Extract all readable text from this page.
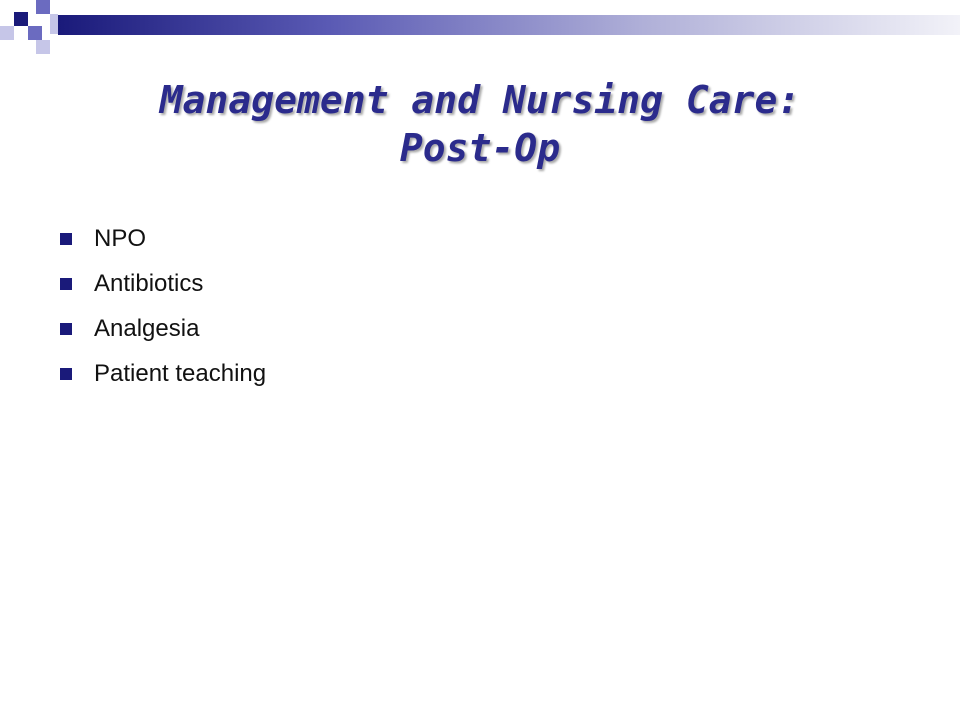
Management and Nursing Care:
Post-Op
NPO
Antibiotics
Analgesia
Patient teaching
